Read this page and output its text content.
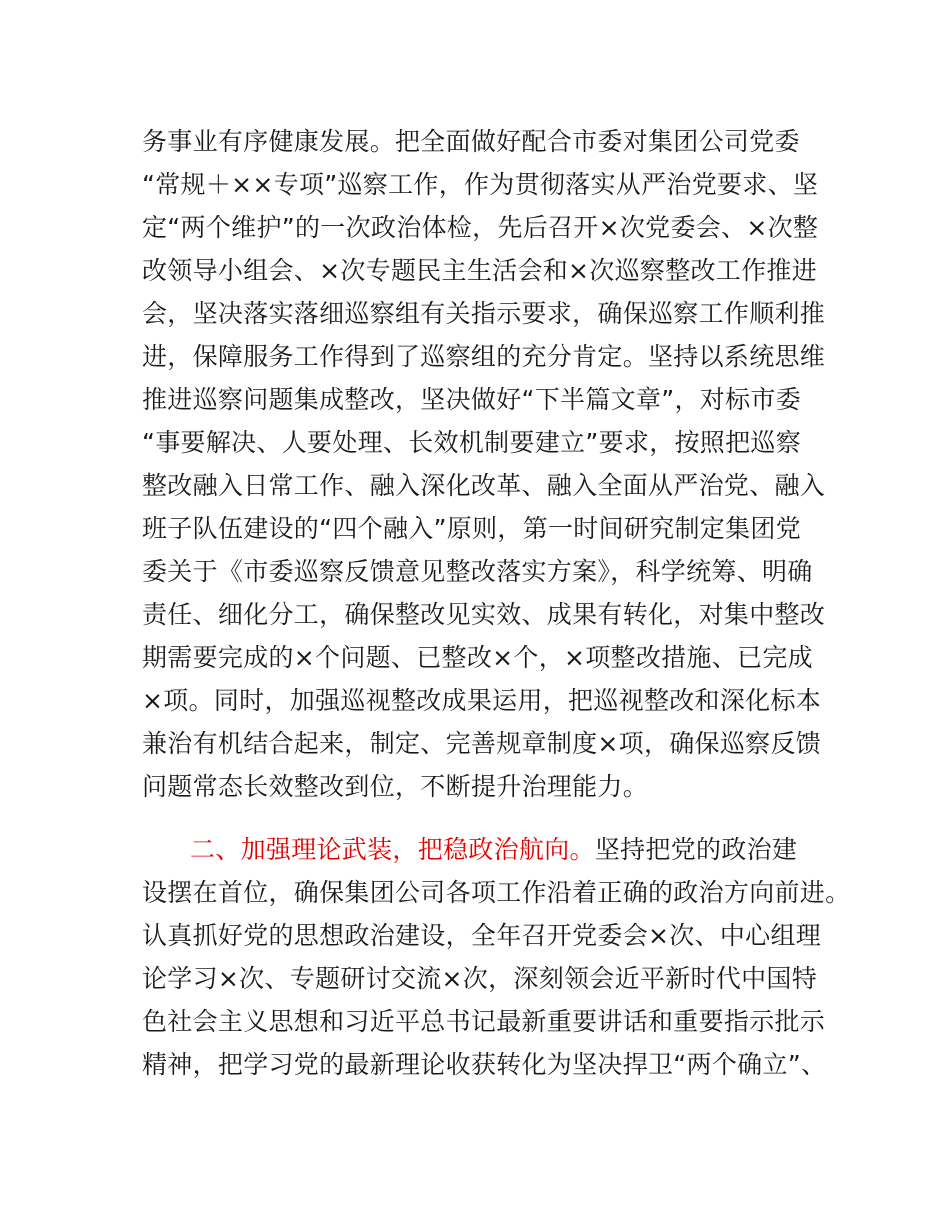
务事业有序健康发展。把全面做好配合市委对集团公司党委
“常规＋××专项”巡察工作，作为贯彻落实从严治党要求、坚
定“两个维护”的一次政治体检，先后召开×次党委会、×次整
改领导小组会、×次专题民主生活会和×次巡察整改工作推进
会，坚决落实落细巡察组有关指示要求，确保巡察工作顺利推
进，保障服务工作得到了巡察组的充分肯定。坚持以系统思维
推进巡察问题集成整改，坚决做好“下半篇文章”，对标市委
“事要解决、人要处理、长效机制要建立”要求，按照把巡察
整改融入日常工作、融入深化改革、融入全面从严治党、融入
班子队伍建设的“四个融入”原则，第一时间研究制定集团党
委关于《市委巡察反馈意见整改落实方案》，科学统筹、明确
责任、细化分工，确保整改见实效、成果有转化，对集中整改
期需要完成的×个问题、已整改×个，×项整改措施、已完成
×项。同时，加强巡视整改成果运用，把巡视整改和深化标本
兼治有机结合起来，制定、完善规章制度×项，确保巡察反馈
问题常态长效整改到位，不断提升治理能力。
二、加强理论武装，把稳政治航向。坚持把党的政治建
设摆在首位，确保集团公司各项工作沿着正确的政治方向前进。
认真抓好党的思想政治建设，全年召开党委会×次、中心组理
论学习×次、专题研讨交流×次，深刻领会近平新时代中国特
色社会主义思想和习近平总书记最新重要讲话和重要指示批示
精神，把学习党的最新理论收获转化为坚决捍卫“两个确立”、
